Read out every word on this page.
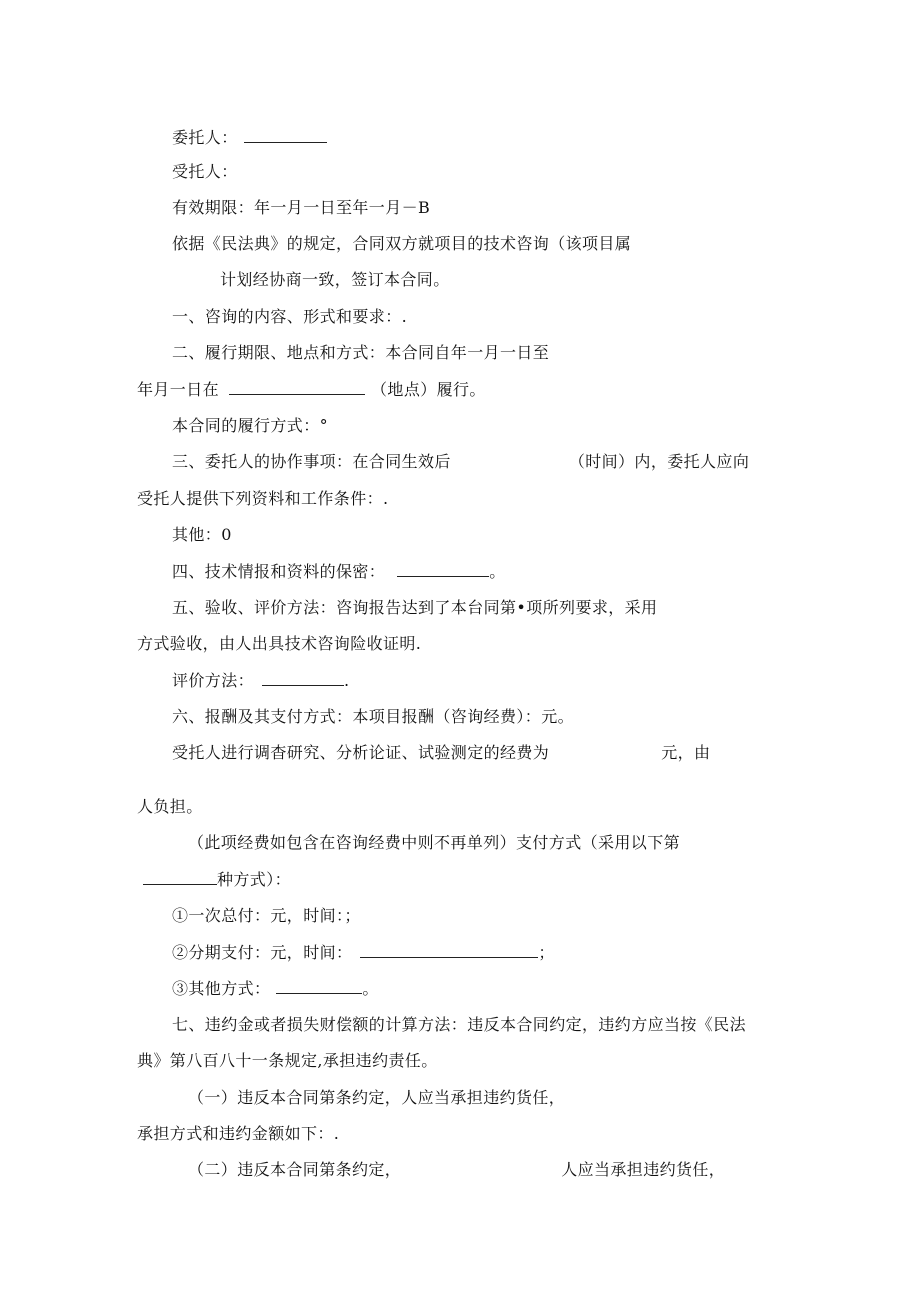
委托人：
受托人：
有效期限：年一月一日至年一月－B
依据《民法典》的规定，合同双方就项目的技术咨询（该项目属
计划经协商一致，签订本合同。
一、咨询的内容、形式和要求：.
二、履行期限、地点和方式：本合同自年一月一日至
年月一日在	（地点）履行。
本合同的履行方式：°
三、委托人的协作事项：在合同生效后	（时间）内，委托人应向
受托人提供下列资料和工作条件：.
其他：0
四、技术情报和资料的保密：	。
五、验收、评价方法：咨询报告达到了本台同第•项所列要求，采用
方式验收，由人出具技术咨询险收证明.
评价方法：	.
六、报酬及其支付方式：本项目报酬（咨询经费）：元。
受托人进行调杳研究、分析论证、试验测定的经费为	元，由
人负担。
（此项经费如包含在咨询经费中则不再单列）支付方式（采用以下第
种方式）：
①一次总付：元，时间：；
②分期支付：元，时间：	；
③其他方式：	。
七、违约金或者损失财偿额的计算方法：违反本合同约定，违约方应当按《民法
典》第八百八十一条规定,承担违约责任。
（一）违反本合同第条约定，人应当承担违约货任，
承担方式和违约金额如下：.
（二）违反本合同第条约定，	人应当承担违约货任，
